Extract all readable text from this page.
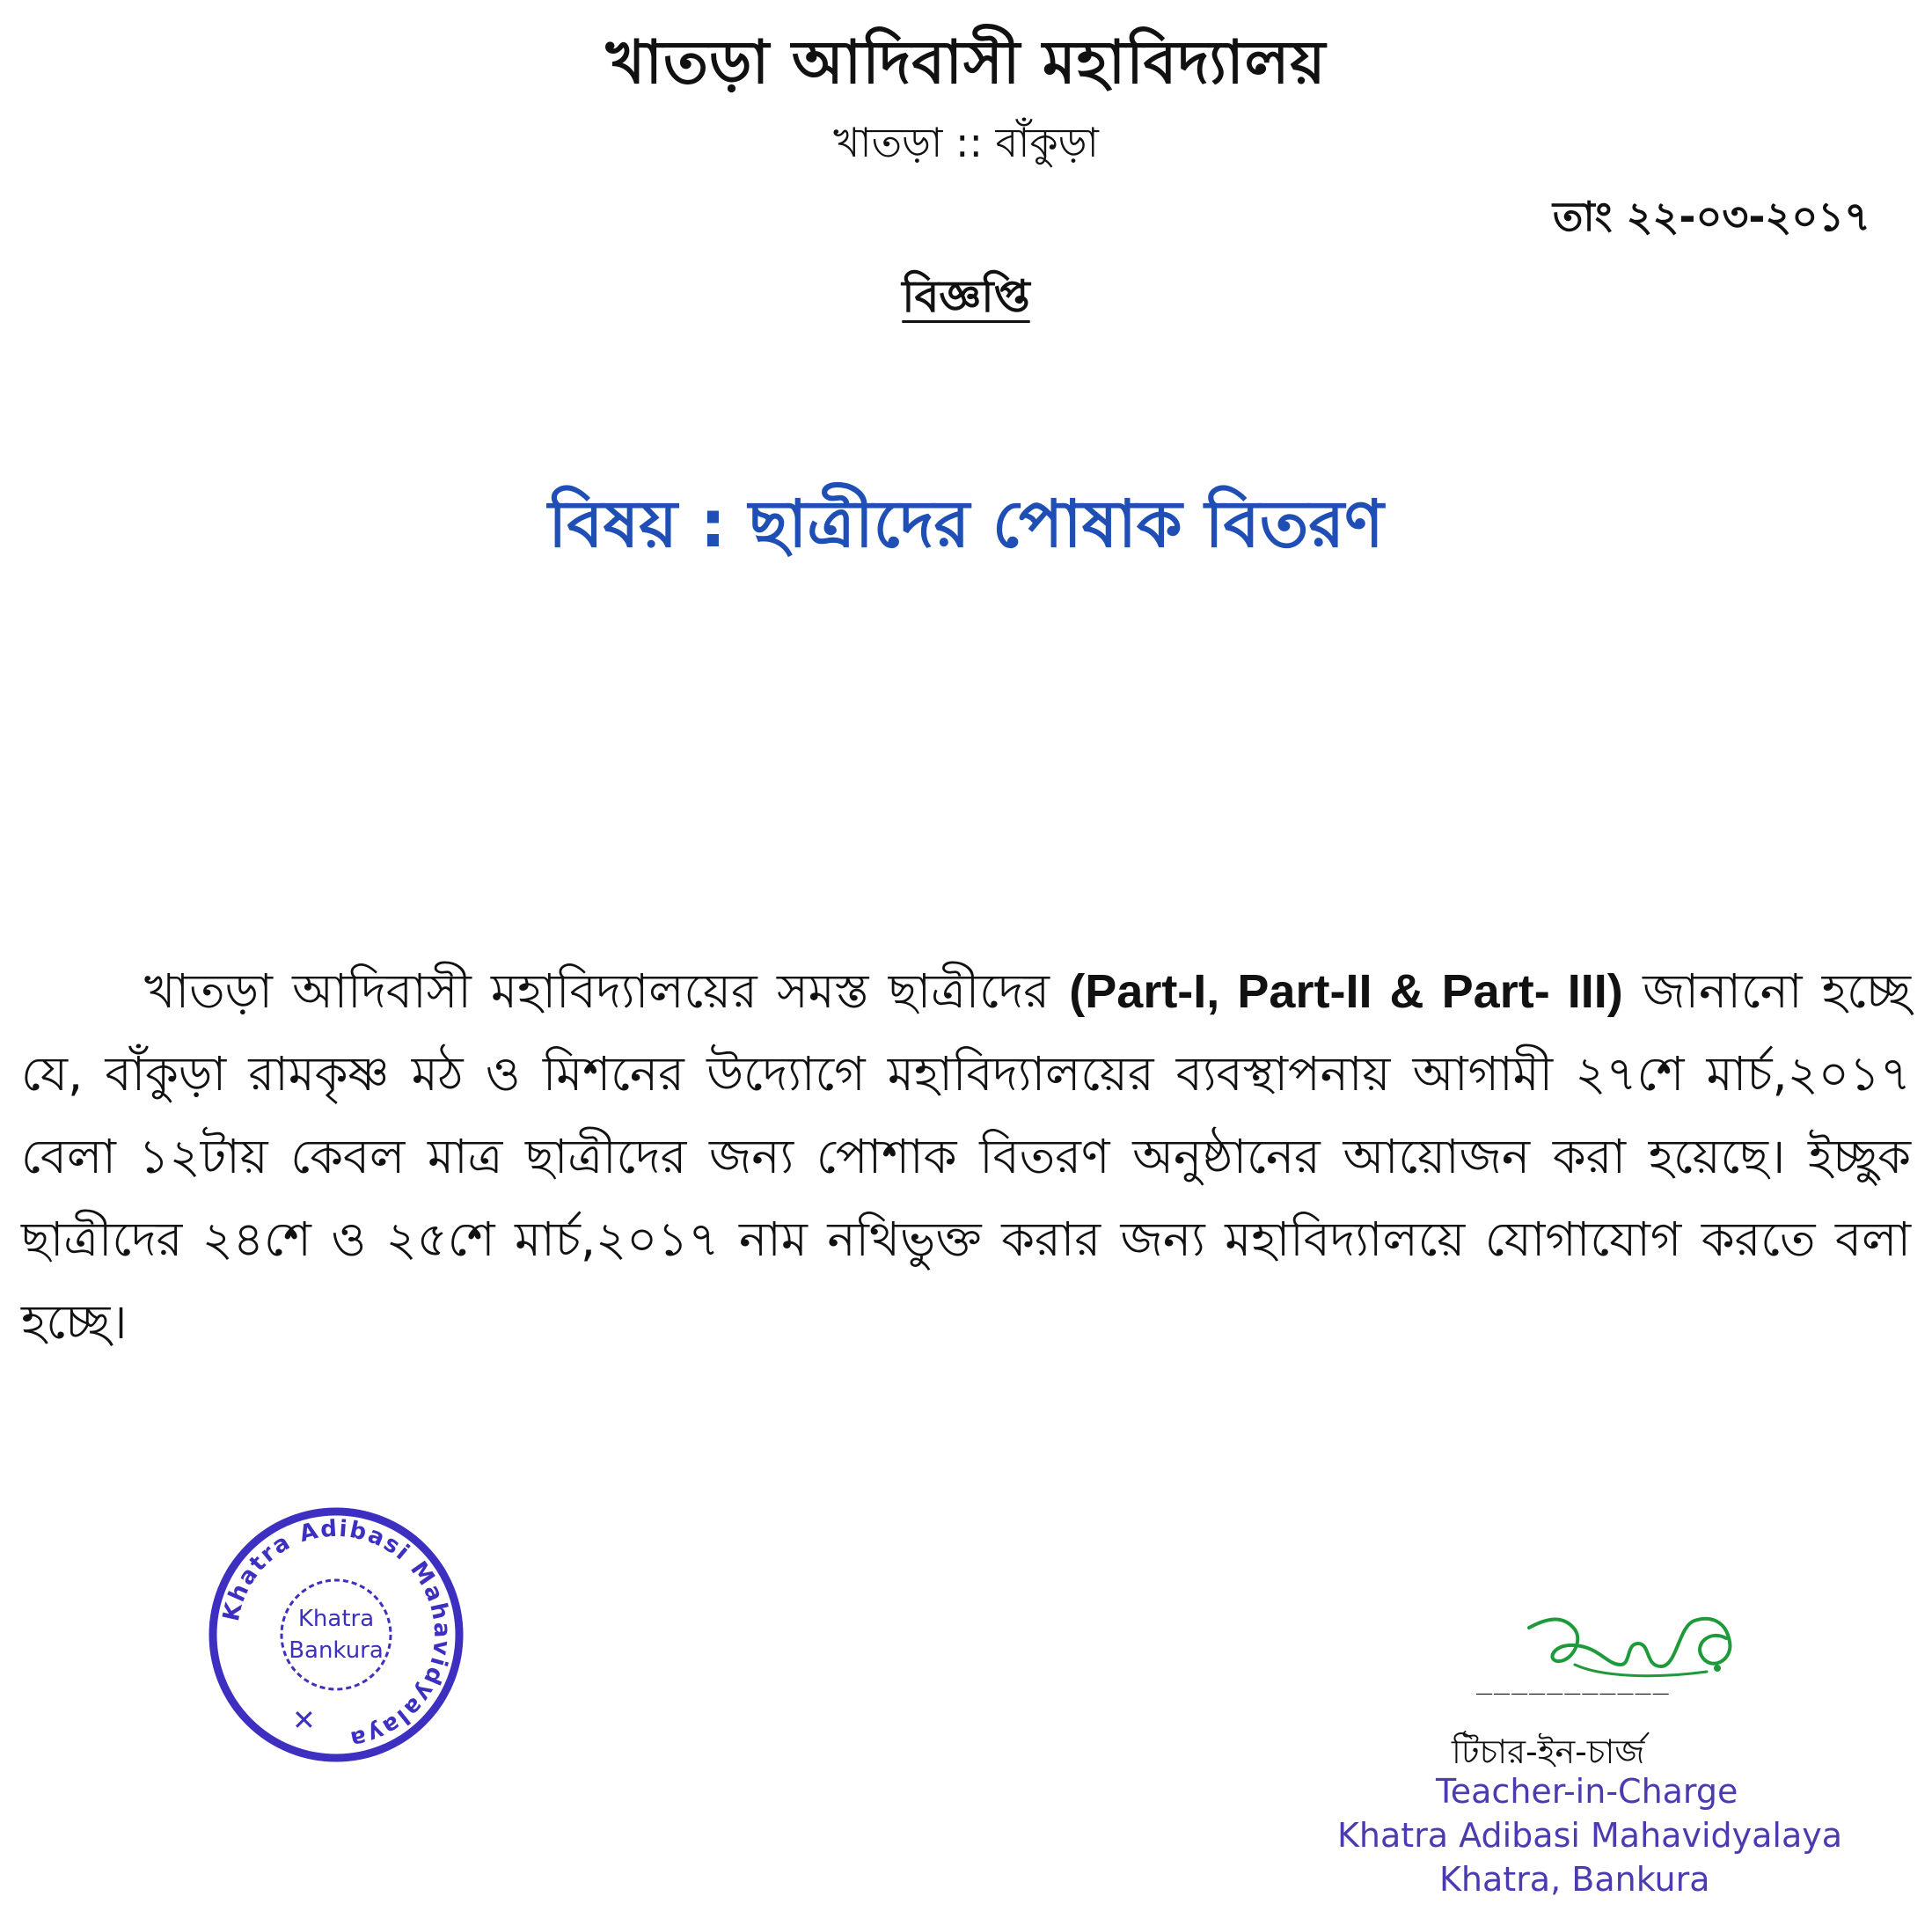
খাতড়া আদিবাসী মহাবিদ্যালয়
খাতড়া :: বাঁকুড়া
তাং ২২-০৩-২০১৭
বিজ্ঞপ্তি
বিষয় : ছাত্রীদের পোষাক বিতরণ
খাতড়া আদিবাসী মহাবিদ্যালয়ের সমস্ত ছাত্রীদের (Part-I, Part-II & Part- III) জানানো হচ্ছে যে, বাঁকুড়া রামকৃষ্ণ মঠ ও মিশনের উদ্যোগে মহাবিদ্যালয়ের ব্যবস্থাপনায় আগামী ২৭শে মার্চ,২০১৭ বেলা ১২টায় কেবল মাত্র ছাত্রীদের জন্য পোশাক বিতরণ অনুষ্ঠানের আয়োজন করা হয়েছে। ইচ্ছুক ছাত্রীদের ২৪শে ও ২৫শে মার্চ,২০১৭ নাম নথিভুক্ত করার জন্য মহাবিদ্যালয়ে যোগাযোগ করতে বলা হচ্ছে।
Khatra Adibasi Mahavidyalaya
Khatra
Bankura
✕
___________
টিচার-ইন-চার্জ
Teacher-in-Charge
Khatra Adibasi Mahavidyalaya
Khatra, Bankura
